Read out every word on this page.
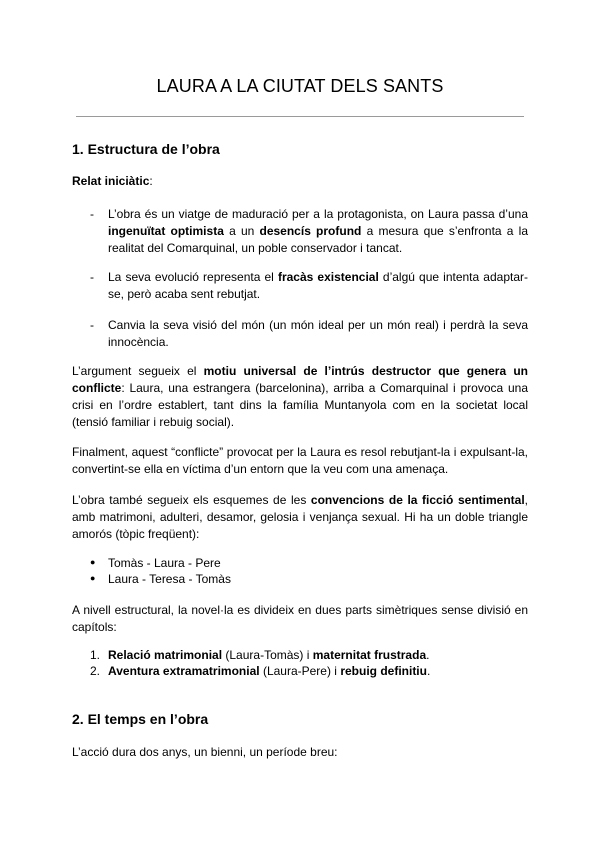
LAURA A LA CIUTAT DELS SANTS
1. Estructura de l’obra
Relat iniciàtic:
-	L’obra és un viatge de maduració per a la protagonista, on Laura passa d’una ingenuïtat optimista a un desencís profund a mesura que s’enfronta a la realitat del Comarquinal, un poble conservador i tancat.
-	La seva evolució representa el fracàs existencial d’algú que intenta adaptar-se, però acaba sent rebutjat.
-	Canvia la seva visió del món (un món ideal per un món real) i perdrà la seva innocència.
L’argument segueix el motiu universal de l’intrús destructor que genera un conflicte: Laura, una estrangera (barcelonina), arriba a Comarquinal i provoca una crisi en l’ordre establert, tant dins la família Muntanyola com en la societat local (tensió familiar i rebuig social).
Finalment, aquest “conflicte” provocat per la Laura es resol rebutjant-la i expulsant-la, convertint-se ella en víctima d’un entorn que la veu com una amenaça.
L’obra també segueix els esquemes de les convencions de la ficció sentimental, amb matrimoni, adulteri, desamor, gelosia i venjança sexual. Hi ha un doble triangle amorós (tòpic freqüent):
● Tomàs - Laura - Pere
● Laura - Teresa - Tomàs
A nivell estructural, la novel·la es divideix en dues parts simètriques sense divisió en capítols:
1. Relació matrimonial (Laura-Tomàs) i maternitat frustrada.
2. Aventura extramatrimonial (Laura-Pere) i rebuig definitiu.
2. El temps en l’obra
L’acció dura dos anys, un bienni, un període breu:
